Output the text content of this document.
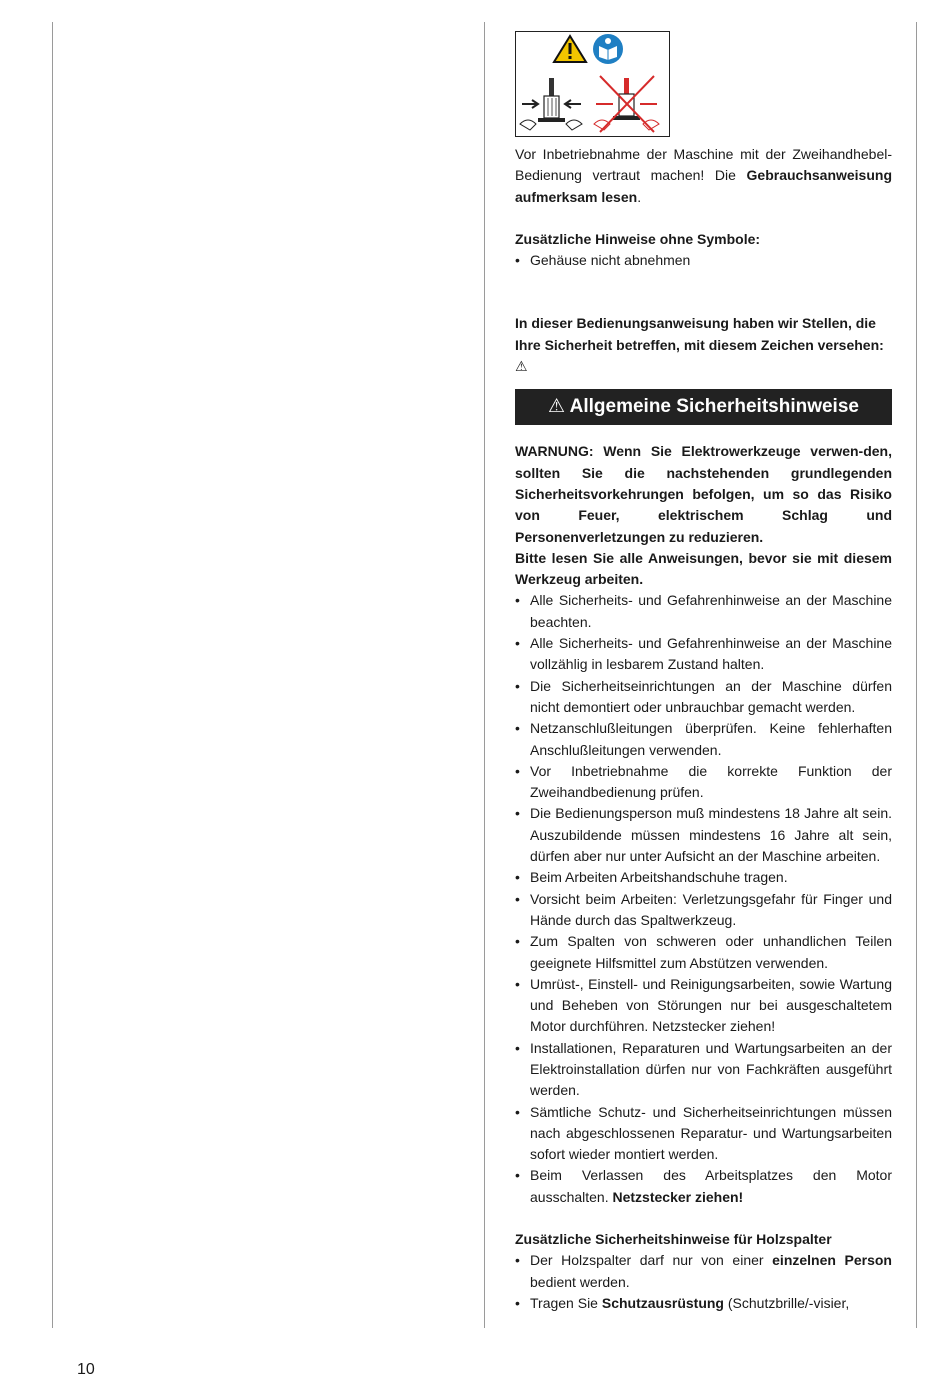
Vor Inbetriebnahme der Maschine mit der Zweihandhebel-Bedienung vertraut machen! Die Gebrauchsanweisung aufmerksam lesen.

Zusätzliche Hinweise ohne Symbole:

• Gehäuse nicht abnehmen

In dieser Bedienungsanweisung haben wir Stellen, die Ihre Sicherheit betreffen, mit diesem Zeichen versehen: ⚠

⚠ Allgemeine Sicherheitshinweise

WARNUNG: Wenn Sie Elektrowerkzeuge verwen-den, sollten Sie die nachstehenden grundlegenden Sicherheitsvorkehrungen befolgen, um so das Risiko von Feuer, elektrischem Schlag und Personenverletzungen zu reduzieren.

Bitte lesen Sie alle Anweisungen, bevor sie mit diesem Werkzeug arbeiten.

• Alle Sicherheits- und Gefahrenhinweise an der Maschine beachten.
• Alle Sicherheits- und Gefahrenhinweise an der Maschine vollzählig in lesbarem Zustand halten.
• Die Sicherheitseinrichtungen an der Maschine dürfen nicht demontiert oder unbrauchbar gemacht werden.
• Netzanschlußleitungen überprüfen. Keine fehlerhaften Anschlußleitungen verwenden.
• Vor Inbetriebnahme die korrekte Funktion der Zweihandbedienung prüfen.
• Die Bedienungsperson muß mindestens 18 Jahre alt sein. Auszubildende müssen mindestens 16 Jahre alt sein, dürfen aber nur unter Aufsicht an der Maschine arbeiten.
• Beim Arbeiten Arbeitshandschuhe tragen.
• Vorsicht beim Arbeiten: Verletzungsgefahr für Finger und Hände durch das Spaltwerkzeug.
• Zum Spalten von schweren oder unhandlichen Teilen geeignete Hilfsmittel zum Abstützen verwenden.
• Umrüst-, Einstell- und Reinigungsarbeiten, sowie Wartung und Beheben von Störungen nur bei ausgeschaltetem Motor durchführen. Netzstecker ziehen!
• Installationen, Reparaturen und Wartungsarbeiten an der Elektroinstallation dürfen nur von Fachkräften ausgeführt werden.
• Sämtliche Schutz- und Sicherheitseinrichtungen müssen nach abgeschlossenen Reparatur- und Wartungsarbeiten sofort wieder montiert werden.
• Beim Verlassen des Arbeitsplatzes den Motor ausschalten. Netzstecker ziehen!

Zusätzliche Sicherheitshinweise für Holzspalter

• Der Holzspalter darf nur von einer einzelnen Person bedient werden.
• Tragen Sie Schutzausrüstung (Schutzbrille/-visier,
10
